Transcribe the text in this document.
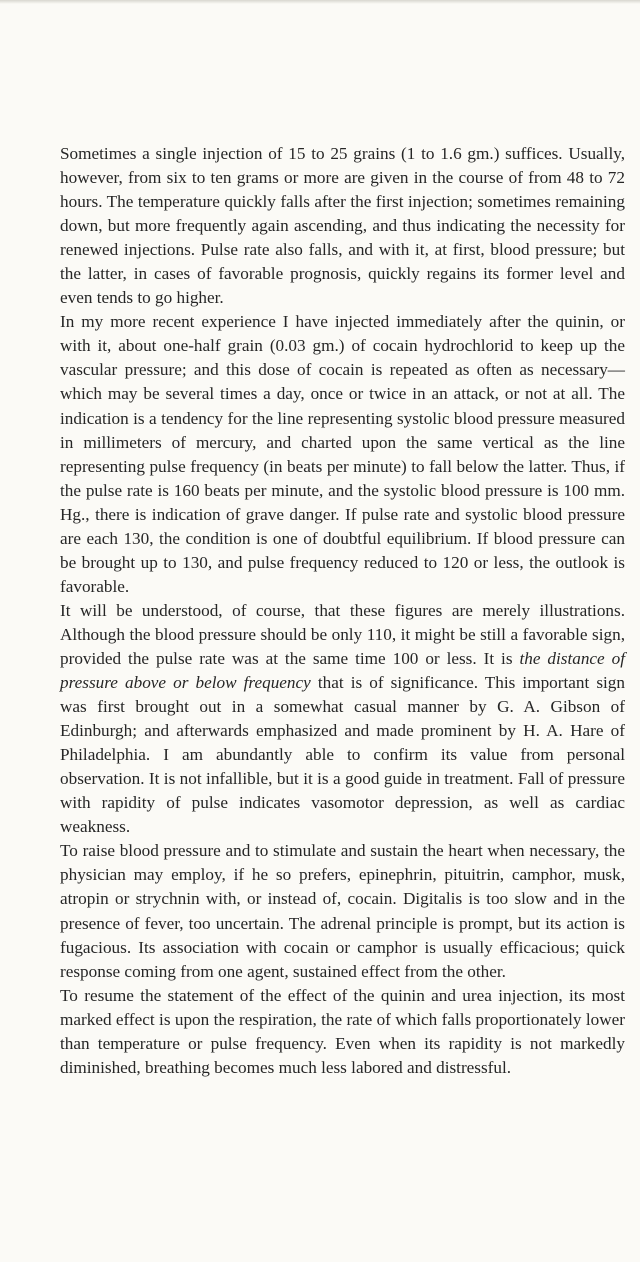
Sometimes a single injection of 15 to 25 grains (1 to 1.6 gm.) suffices. Usually, however, from six to ten grams or more are given in the course of from 48 to 72 hours. The temperature quickly falls after the first injection; sometimes remaining down, but more frequently again ascending, and thus indicating the necessity for renewed injections. Pulse rate also falls, and with it, at first, blood pressure; but the latter, in cases of favorable prognosis, quickly regains its former level and even tends to go higher.

In my more recent experience I have injected immediately after the quinin, or with it, about one-half grain (0.03 gm.) of cocain hydrochlorid to keep up the vascular pressure; and this dose of cocain is repeated as often as necessary—which may be several times a day, once or twice in an attack, or not at all. The indication is a tendency for the line representing systolic blood pressure measured in millimeters of mercury, and charted upon the same vertical as the line representing pulse frequency (in beats per minute) to fall below the latter. Thus, if the pulse rate is 160 beats per minute, and the systolic blood pressure is 100 mm. Hg., there is indication of grave danger. If pulse rate and systolic blood pressure are each 130, the condition is one of doubtful equilibrium. If blood pressure can be brought up to 130, and pulse frequency reduced to 120 or less, the outlook is favorable.

It will be understood, of course, that these figures are merely illustrations. Although the blood pressure should be only 110, it might be still a favorable sign, provided the pulse rate was at the same time 100 or less. It is the distance of pressure above or below frequency that is of significance. This important sign was first brought out in a somewhat casual manner by G. A. Gibson of Edinburgh; and afterwards emphasized and made prominent by H. A. Hare of Philadelphia. I am abundantly able to confirm its value from personal observation. It is not infallible, but it is a good guide in treatment. Fall of pressure with rapidity of pulse indicates vasomotor depression, as well as cardiac weakness.

To raise blood pressure and to stimulate and sustain the heart when necessary, the physician may employ, if he so prefers, epinephrin, pituitrin, camphor, musk, atropin or strychnin with, or instead of, cocain. Digitalis is too slow and in the presence of fever, too uncertain. The adrenal principle is prompt, but its action is fugacious. Its association with cocain or camphor is usually efficacious; quick response coming from one agent, sustained effect from the other.

To resume the statement of the effect of the quinin and urea injection, its most marked effect is upon the respiration, the rate of which falls proportionately lower than temperature or pulse frequency. Even when its rapidity is not markedly diminished, breathing becomes much less labored and distressful.
